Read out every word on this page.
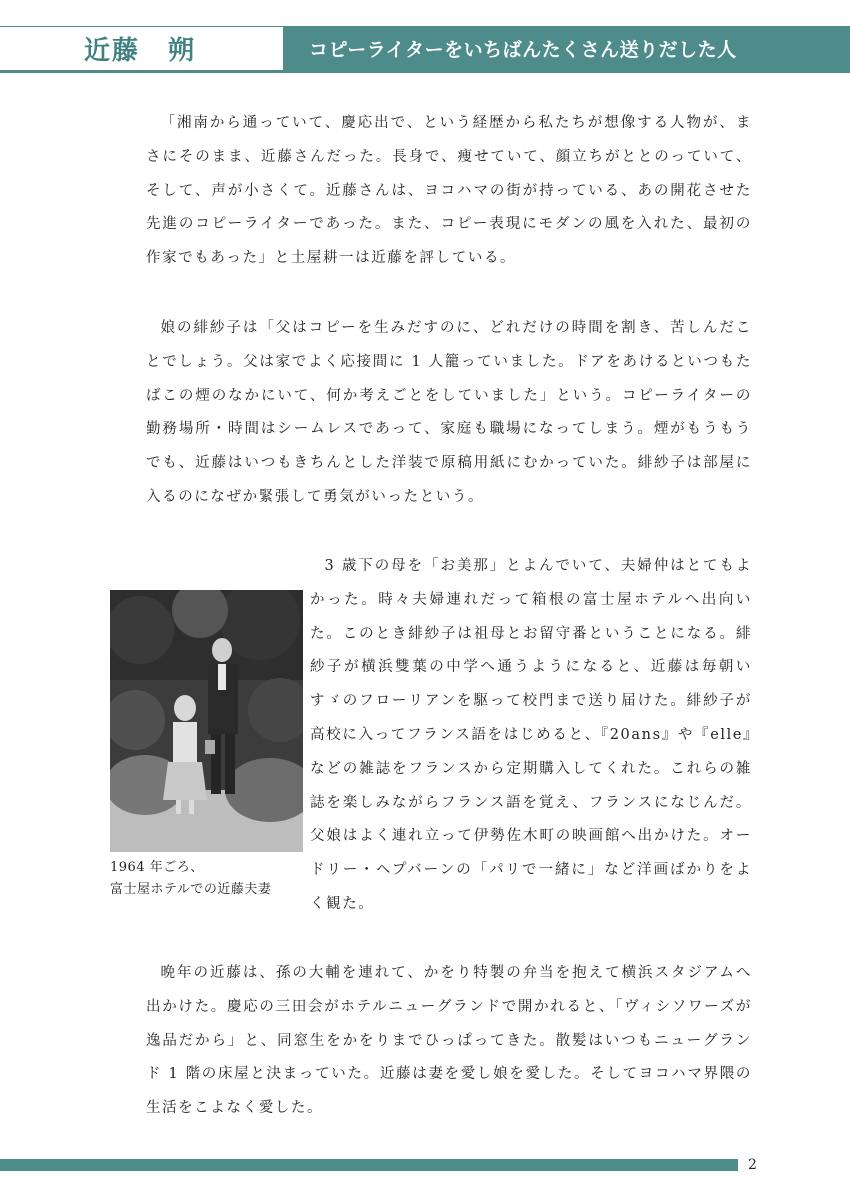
近藤　朔	コピーライターをいちばんたくさん送りだした人

「湘南から通っていて、慶応出で、という経歴から私たちが想像する人物が、まさにそのまま、近藤さんだった。長身で、痩せていて、顔立ちがととのっていて、そして、声が小さくて。近藤さんは、ヨコハマの街が持っている、あの開花させた先進のコピーライターであった。また、コピー表現にモダンの風を入れた、最初の作家でもあった」と土屋耕一は近藤を評している。

娘の緋紗子は「父はコピーを生みだすのに、どれだけの時間を割き、苦しんだことでしょう。父は家でよく応接間に 1 人籠っていました。ドアをあけるといつもたばこの煙のなかにいて、何か考えごとをしていました」という。コピーライターの勤務場所・時間はシームレスであって、家庭も職場になってしまう。煙がもうもうでも、近藤はいつもきちんとした洋装で原稿用紙にむかっていた。緋紗子は部屋に入るのになぜか緊張して勇気がいったという。

3 歳下の母を「お美那」とよんでいて、夫婦仲はとてもよかった。時々夫婦連れだって箱根の富士屋ホテルへ出向いた。このとき緋紗子は祖母とお留守番ということになる。緋紗子が横浜雙葉の中学へ通うようになると、近藤は毎朝いすゞのフローリアンを駆って校門まで送り届けた。緋紗子が高校に入ってフランス語をはじめると、『20ans』や『elle』などの雑誌をフランスから定期購入してくれた。これらの雑誌を楽しみながらフランス語を覚え、フランスになじんだ。父娘はよく連れ立って伊勢佐木町の映画館へ出かけた。オードリー・ヘプバーンの「パリで一緒に」など洋画ばかりをよく観た。

晩年の近藤は、孫の大輔を連れて、かをり特製の弁当を抱えて横浜スタジアムへ出かけた。慶応の三田会がホテルニューグランドで開かれると、「ヴィシソワーズが逸品だから」と、同窓生をかをりまでひっぱってきた。散髪はいつもニューグランド 1 階の床屋と決まっていた。近藤は妻を愛し娘を愛した。そしてヨコハマ界隈の生活をこよなく愛した。

1964 年ごろ、
富士屋ホテルでの近藤夫妻
2
